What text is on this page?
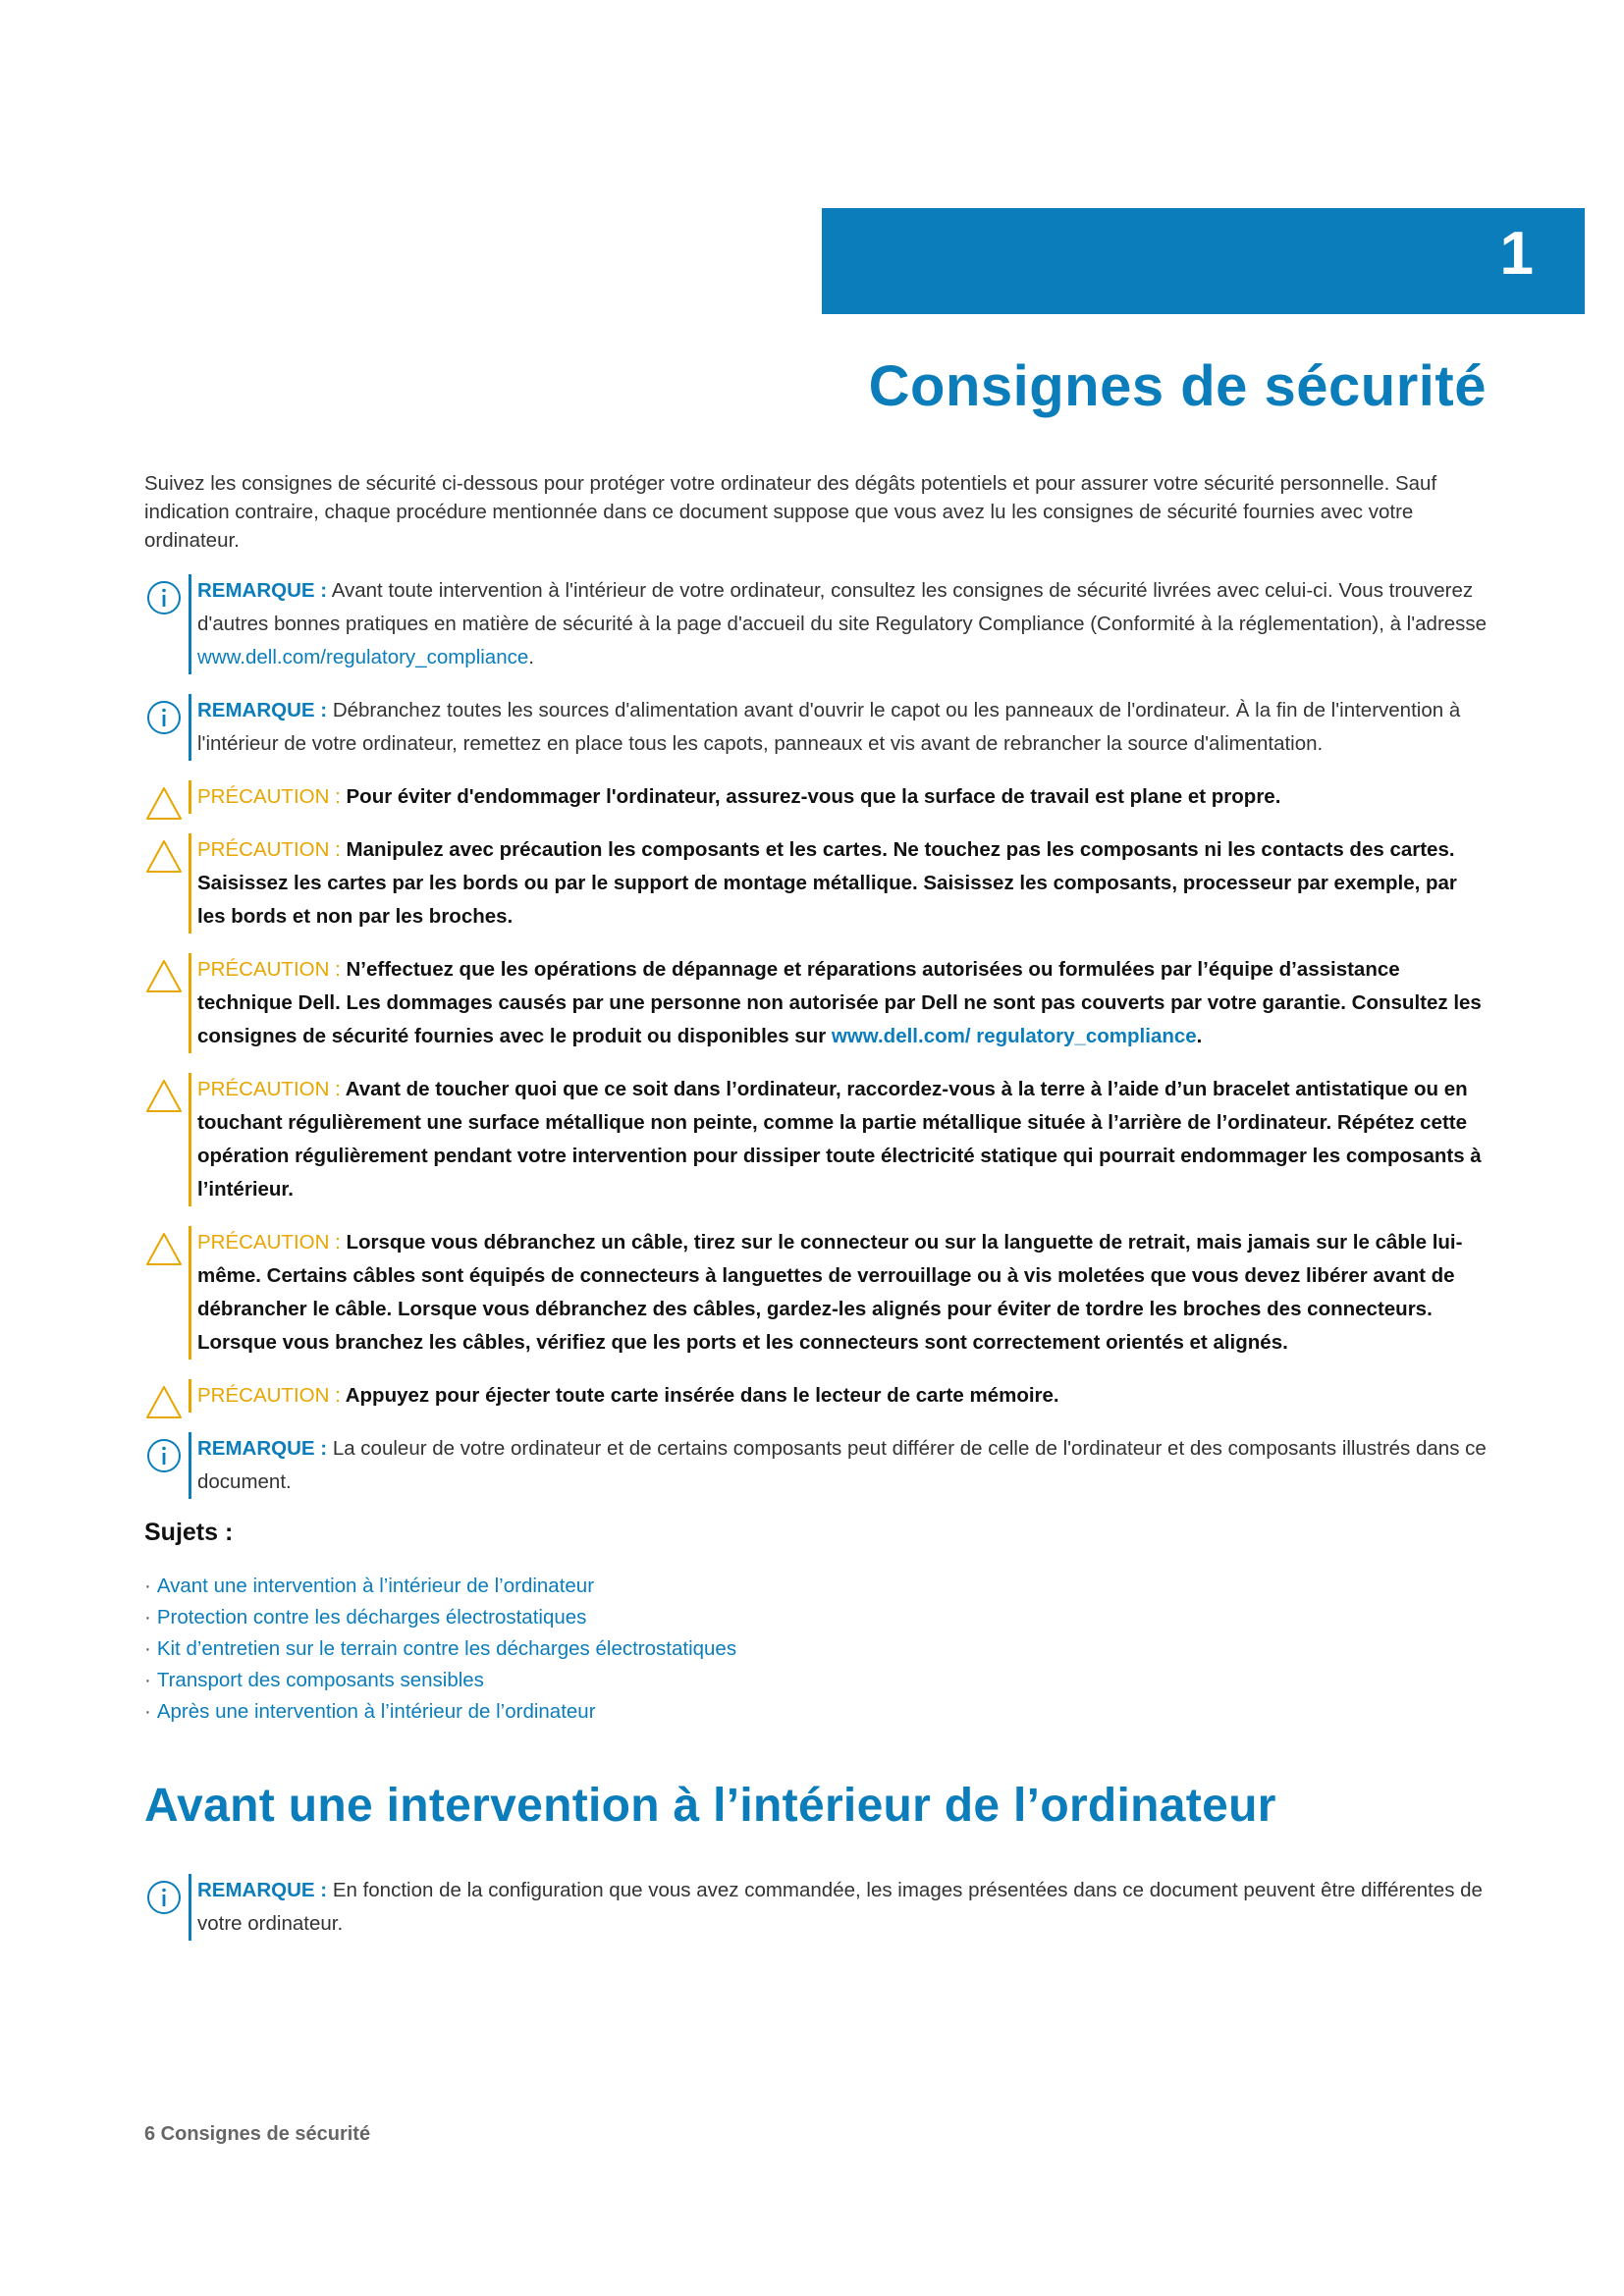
1
Consignes de sécurité

Suivez les consignes de sécurité ci-dessous pour protéger votre ordinateur des dégâts potentiels et pour assurer votre sécurité personnelle. Sauf indication contraire, chaque procédure mentionnée dans ce document suppose que vous avez lu les consignes de sécurité fournies avec votre ordinateur.

REMARQUE : Avant toute intervention à l'intérieur de votre ordinateur, consultez les consignes de sécurité livrées avec celui-ci. Vous trouverez d'autres bonnes pratiques en matière de sécurité à la page d'accueil du site Regulatory Compliance (Conformité à la réglementation), à l'adresse www.dell.com/regulatory_compliance.
REMARQUE : Débranchez toutes les sources d'alimentation avant d'ouvrir le capot ou les panneaux de l'ordinateur. À la fin de l'intervention à l'intérieur de votre ordinateur, remettez en place tous les capots, panneaux et vis avant de rebrancher la source d'alimentation.
PRÉCAUTION : Pour éviter d'endommager l'ordinateur, assurez-vous que la surface de travail est plane et propre.
PRÉCAUTION : Manipulez avec précaution les composants et les cartes. Ne touchez pas les composants ni les contacts des cartes. Saisissez les cartes par les bords ou par le support de montage métallique. Saisissez les composants, processeur par exemple, par les bords et non par les broches.
PRÉCAUTION : N’effectuez que les opérations de dépannage et réparations autorisées ou formulées par l’équipe d’assistance technique Dell. Les dommages causés par une personne non autorisée par Dell ne sont pas couverts par votre garantie. Consultez les consignes de sécurité fournies avec le produit ou disponibles sur www.dell.com/ regulatory_compliance.
PRÉCAUTION : Avant de toucher quoi que ce soit dans l’ordinateur, raccordez-vous à la terre à l’aide d’un bracelet antistatique ou en touchant régulièrement une surface métallique non peinte, comme la partie métallique située à l’arrière de l’ordinateur. Répétez cette opération régulièrement pendant votre intervention pour dissiper toute électricité statique qui pourrait endommager les composants à l’intérieur.
PRÉCAUTION : Lorsque vous débranchez un câble, tirez sur le connecteur ou sur la languette de retrait, mais jamais sur le câble lui-même. Certains câbles sont équipés de connecteurs à languettes de verrouillage ou à vis moletées que vous devez libérer avant de débrancher le câble. Lorsque vous débranchez des câbles, gardez-les alignés pour éviter de tordre les broches des connecteurs. Lorsque vous branchez les câbles, vérifiez que les ports et les connecteurs sont correctement orientés et alignés.
PRÉCAUTION : Appuyez pour éjecter toute carte insérée dans le lecteur de carte mémoire.
REMARQUE : La couleur de votre ordinateur et de certains composants peut différer de celle de l'ordinateur et des composants illustrés dans ce document.
Sujets :
· Avant une intervention à l’intérieur de l’ordinateur
· Protection contre les décharges électrostatiques
· Kit d’entretien sur le terrain contre les décharges électrostatiques
· Transport des composants sensibles
· Après une intervention à l’intérieur de l’ordinateur
Avant une intervention à l’intérieur de l’ordinateur
REMARQUE : En fonction de la configuration que vous avez commandée, les images présentées dans ce document peuvent être différentes de votre ordinateur.
6 Consignes de sécurité
